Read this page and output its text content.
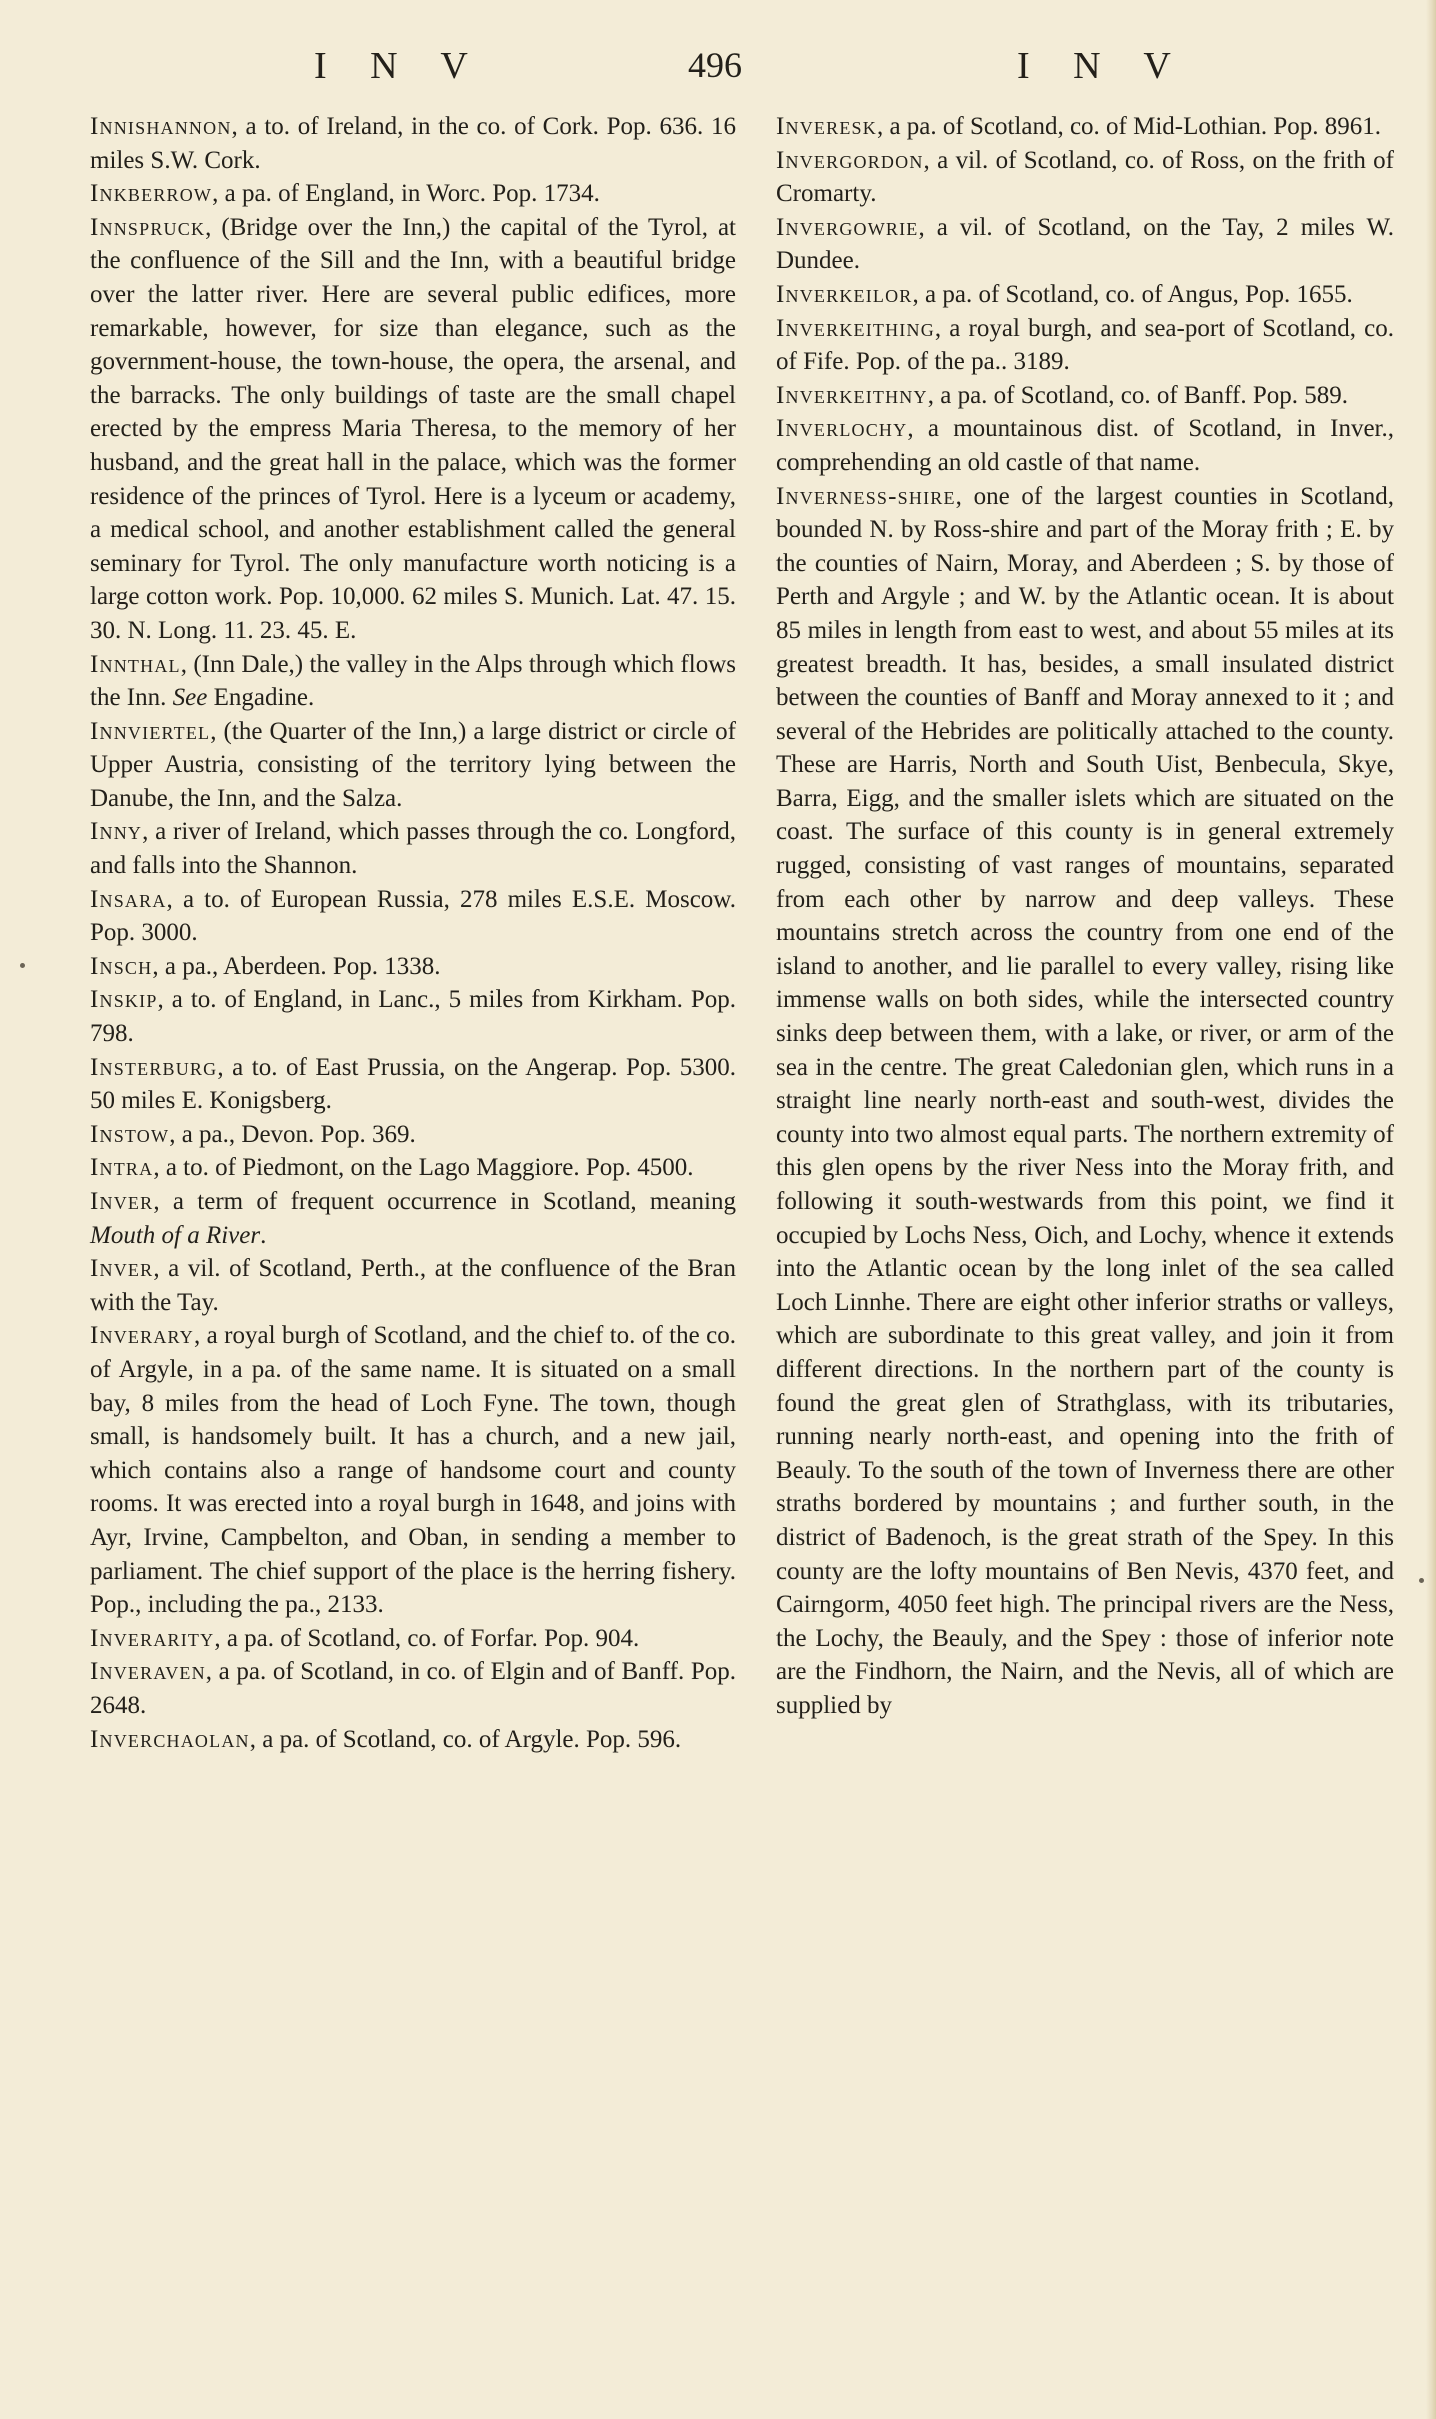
I N V	496	I N V

Innishannon, a to. of Ireland, in the co. of Cork. Pop. 636. 16 miles S.W. Cork.

Inkberrow, a pa. of England, in Worc. Pop. 1734.

Innspruck, (Bridge over the Inn,) the capital of the Tyrol, at the confluence of the Sill and the Inn, with a beautiful bridge over the latter river. Here are several public edifices, more remarkable, however, for size than elegance, such as the government-house, the town-house, the opera, the arsenal, and the barracks. The only buildings of taste are the small chapel erected by the empress Maria Theresa, to the memory of her husband, and the great hall in the palace, which was the former residence of the princes of Tyrol. Here is a lyceum or academy, a medical school, and another establishment called the general seminary for Tyrol. The only manufacture worth noticing is a large cotton work. Pop. 10,000. 62 miles S. Munich. Lat. 47. 15. 30. N. Long. 11. 23. 45. E.

Innthal, (Inn Dale,) the valley in the Alps through which flows the Inn. See Engadine.

Innviertel, (the Quarter of the Inn,) a large district or circle of Upper Austria, consisting of the territory lying between the Danube, the Inn, and the Salza.

Inny, a river of Ireland, which passes through the co. Longford, and falls into the Shannon.

Insara, a to. of European Russia, 278 miles E.S.E. Moscow. Pop. 3000.

Insch, a pa., Aberdeen. Pop. 1338.

Inskip, a to. of England, in Lanc., 5 miles from Kirkham. Pop. 798.

Insterburg, a to. of East Prussia, on the Angerap. Pop. 5300. 50 miles E. Konigsberg.

Instow, a pa., Devon. Pop. 369.

Intra, a to. of Piedmont, on the Lago Maggiore. Pop. 4500.

Inver, a term of frequent occurrence in Scotland, meaning Mouth of a River.

Inver, a vil. of Scotland, Perth., at the confluence of the Bran with the Tay.

Inverary, a royal burgh of Scotland, and the chief to. of the co. of Argyle, in a pa. of the same name. It is situated on a small bay, 8 miles from the head of Loch Fyne. The town, though small, is handsomely built. It has a church, and a new jail, which contains also a range of handsome court and county rooms. It was erected into a royal burgh in 1648, and joins with Ayr, Irvine, Campbelton, and Oban, in sending a member to parliament. The chief support of the place is the herring fishery. Pop., including the pa., 2133.

Inverarity, a pa. of Scotland, co. of Forfar. Pop. 904.

Inveraven, a pa. of Scotland, in co. of Elgin and of Banff. Pop. 2648.

Inverchaolan, a pa. of Scotland, co. of Argyle. Pop. 596.

Inveresk, a pa. of Scotland, co. of Mid-Lothian. Pop. 8961.

Invergordon, a vil. of Scotland, co. of Ross, on the frith of Cromarty.

Invergowrie, a vil. of Scotland, on the Tay, 2 miles W. Dundee.

Inverkeilor, a pa. of Scotland, co. of Angus, Pop. 1655.

Inverkeithing, a royal burgh, and sea-port of Scotland, co. of Fife. Pop. of the pa.. 3189.

Inverkeithny, a pa. of Scotland, co. of Banff. Pop. 589.

Inverlochy, a mountainous dist. of Scotland, in Inver., comprehending an old castle of that name.

Inverness-shire, one of the largest counties in Scotland, bounded N. by Ross-shire and part of the Moray frith ; E. by the counties of Nairn, Moray, and Aberdeen ; S. by those of Perth and Argyle ; and W. by the Atlantic ocean. It is about 85 miles in length from east to west, and about 55 miles at its greatest breadth. It has, besides, a small insulated district between the counties of Banff and Moray annexed to it ; and several of the Hebrides are politically attached to the county. These are Harris, North and South Uist, Benbecula, Skye, Barra, Eigg, and the smaller islets which are situated on the coast. The surface of this county is in general extremely rugged, consisting of vast ranges of mountains, separated from each other by narrow and deep valleys. These mountains stretch across the country from one end of the island to another, and lie parallel to every valley, rising like immense walls on both sides, while the intersected country sinks deep between them, with a lake, or river, or arm of the sea in the centre. The great Caledonian glen, which runs in a straight line nearly north-east and south-west, divides the county into two almost equal parts. The northern extremity of this glen opens by the river Ness into the Moray frith, and following it south-westwards from this point, we find it occupied by Lochs Ness, Oich, and Lochy, whence it extends into the Atlantic ocean by the long inlet of the sea called Loch Linnhe. There are eight other inferior straths or valleys, which are subordinate to this great valley, and join it from different directions. In the northern part of the county is found the great glen of Strathglass, with its tributaries, running nearly north-east, and opening into the frith of Beauly. To the south of the town of Inverness there are other straths bordered by mountains ; and further south, in the district of Badenoch, is the great strath of the Spey. In this county are the lofty mountains of Ben Nevis, 4370 feet, and Cairngorm, 4050 feet high. The principal rivers are the Ness, the Lochy, the Beauly, and the Spey : those of inferior note are the Findhorn, the Nairn, and the Nevis, all of which are supplied by
